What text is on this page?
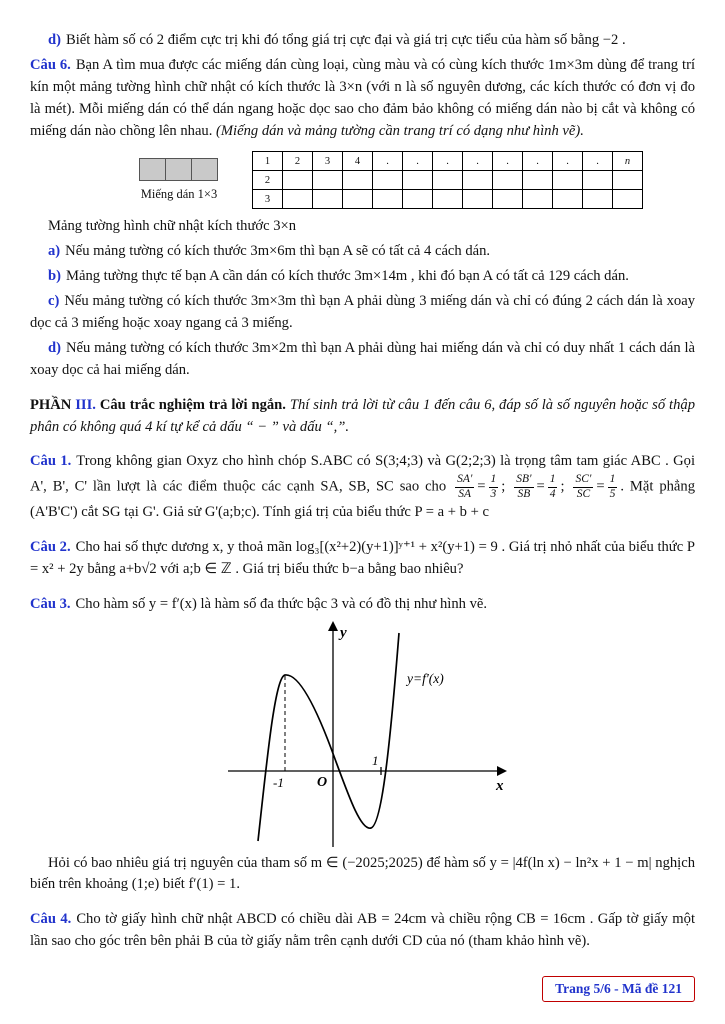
d) Biết hàm số có 2 điểm cực trị khi đó tổng giá trị cực đại và giá trị cực tiểu của hàm số bằng −2 .

Câu 6. Bạn A tìm mua được các miếng dán cùng loại, cùng màu và có cùng kích thước 1m×3m dùng để trang trí kín một mảng tường hình chữ nhật có kích thước là 3×n (với n là số nguyên dương, các kích thước có đơn vị đo là mét). Mỗi miếng dán có thể dán ngang hoặc dọc sao cho đảm bảo không có miếng dán nào bị cắt và không có miếng dán nào chồng lên nhau. (Miếng dán và mảng tường cần trang trí có dạng như hình vẽ).

Miếng dán 1×3
1	2	3	4	.	.	.	.	.	.	.	.	n
2												
3												

Mảng tường hình chữ nhật kích thước 3×n

a) Nếu mảng tường có kích thước 3m×6m thì bạn A sẽ có tất cả 4 cách dán.

b) Mảng tường thực tế bạn A cần dán có kích thước 3m×14m , khi đó bạn A có tất cả 129 cách dán.

c) Nếu mảng tường có kích thước 3m×3m thì bạn A phải dùng 3 miếng dán và chỉ có đúng 2 cách dán là xoay dọc cả 3 miếng hoặc xoay ngang cả 3 miếng.

d) Nếu mảng tường có kích thước 3m×2m thì bạn A phải dùng hai miếng dán và chỉ có duy nhất 1 cách dán là xoay dọc cả hai miếng dán.

PHẦN III. Câu trắc nghiệm trả lời ngắn. Thí sinh trả lời từ câu 1 đến câu 6, đáp số là số nguyên hoặc số thập phân có không quá 4 kí tự kể cả dấu “ − ” và dấu “,”.

Câu 1. Trong không gian Oxyz cho hình chóp S.ABC có S(3;4;3) và G(2;2;3) là trọng tâm tam giác ABC . Gọi A', B', C' lần lượt là các điểm thuộc các cạnh SA, SB, SC sao cho $\frac{SA'}{SA} = \frac{1}{3}$ ; $\frac{SB'}{SB} = \frac{1}{4}$ ; $\frac{SC'}{SC} = \frac{1}{5}$ . Mặt phẳng (A'B'C') cắt SG tại G'. Giả sử G'(a;b;c). Tính giá trị của biểu thức P = a + b + c

Câu 2. Cho hai số thực dương x, y thoả mãn log₃[(x²+2)(y+1)]ʸ⁺¹ + x²(y+1) = 9 . Giá trị nhỏ nhất của biểu thức P = x² + 2y bằng a+b√2 với a;b ∈ ℤ . Giá trị biểu thức b−a bằng bao nhiêu?

Câu 3. Cho hàm số y = f′(x) là hàm số đa thức bậc 3 và có đồ thị như hình vẽ.

y
x
O
-1
1
y=f′(x)

Hỏi có bao nhiêu giá trị nguyên của tham số m ∈ (−2025;2025) để hàm số y = |4f(ln x) − ln²x + 1 − m| nghịch biến trên khoảng (1;e) biết f′(1) = 1.

Câu 4. Cho tờ giấy hình chữ nhật ABCD có chiều dài AB = 24cm và chiều rộng CB = 16cm . Gấp tờ giấy một lần sao cho góc trên bên phải B của tờ giấy nằm trên cạnh dưới CD của nó (tham khảo hình vẽ).

Trang 5/6 - Mã đề 121
